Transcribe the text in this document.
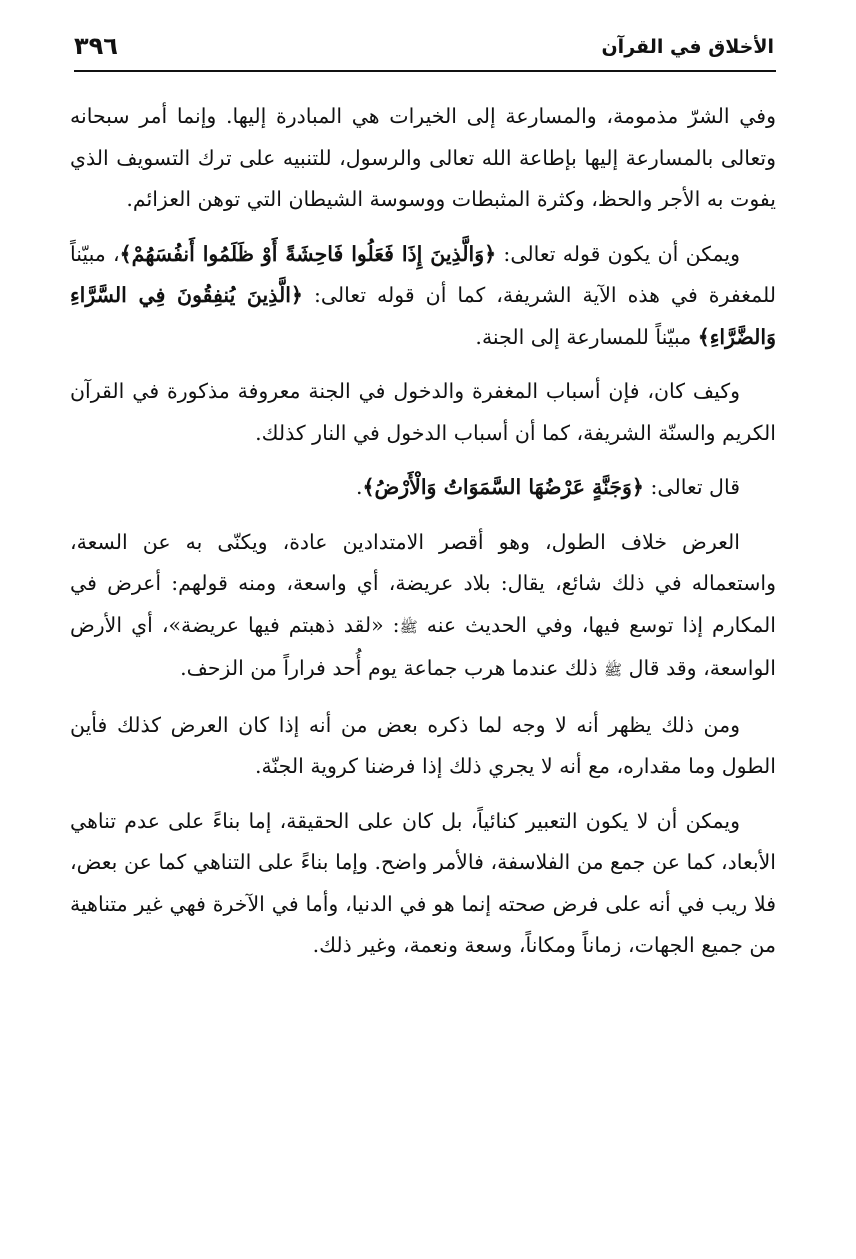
٣٩٦	الأخلاق في القرآن

وفي الشرّ مذمومة، والمسارعة إلى الخيرات هي المبادرة إليها. وإنما أمر سبحانه وتعالى بالمسارعة إليها بإطاعة الله تعالى والرسول، للتنبيه على ترك التسويف الذي يفوت به الأجر والحظ، وكثرة المثبطات ووسوسة الشيطان التي توهن العزائم.

ويمكن أن يكون قوله تعالى: ﴿وَالَّذِينَ إِذَا فَعَلُوا فَاحِشَةً أَوْ ظَلَمُوا أَنفُسَهُمْ﴾، مبيّناً للمغفرة في هذه الآية الشريفة، كما أن قوله تعالى: ﴿الَّذِينَ يُنفِقُونَ فِي السَّرَّاءِ وَالضَّرَّاءِ﴾ مبيّناً للمسارعة إلى الجنة.

وكيف كان، فإن أسباب المغفرة والدخول في الجنة معروفة مذكورة في القرآن الكريم والسنّة الشريفة، كما أن أسباب الدخول في النار كذلك.

قال تعالى: ﴿وَجَنَّةٍ عَرْضُهَا السَّمَوَاتُ وَالْأَرْضُ﴾.

العرض خلاف الطول، وهو أقصر الامتدادين عادة، ويكنّى به عن السعة، واستعماله في ذلك شائع، يقال: بلاد عريضة، أي واسعة، ومنه قولهم: أعرض في المكارم إذا توسع فيها، وفي الحديث عنه ﷺ: «لقد ذهبتم فيها عريضة»، أي الأرض الواسعة، وقد قال ﷺ ذلك عندما هرب جماعة يوم أُحد فراراً من الزحف.

ومن ذلك يظهر أنه لا وجه لما ذكره بعض من أنه إذا كان العرض كذلك فأين الطول وما مقداره، مع أنه لا يجري ذلك إذا فرضنا كروية الجنّة.

ويمكن أن لا يكون التعبير كنائياً، بل كان على الحقيقة، إما بناءً على عدم تناهي الأبعاد، كما عن جمع من الفلاسفة، فالأمر واضح. وإما بناءً على التناهي كما عن بعض، فلا ريب في أنه على فرض صحته إنما هو في الدنيا، وأما في الآخرة فهي غير متناهية من جميع الجهات، زماناً ومكاناً، وسعة ونعمة، وغير ذلك.
